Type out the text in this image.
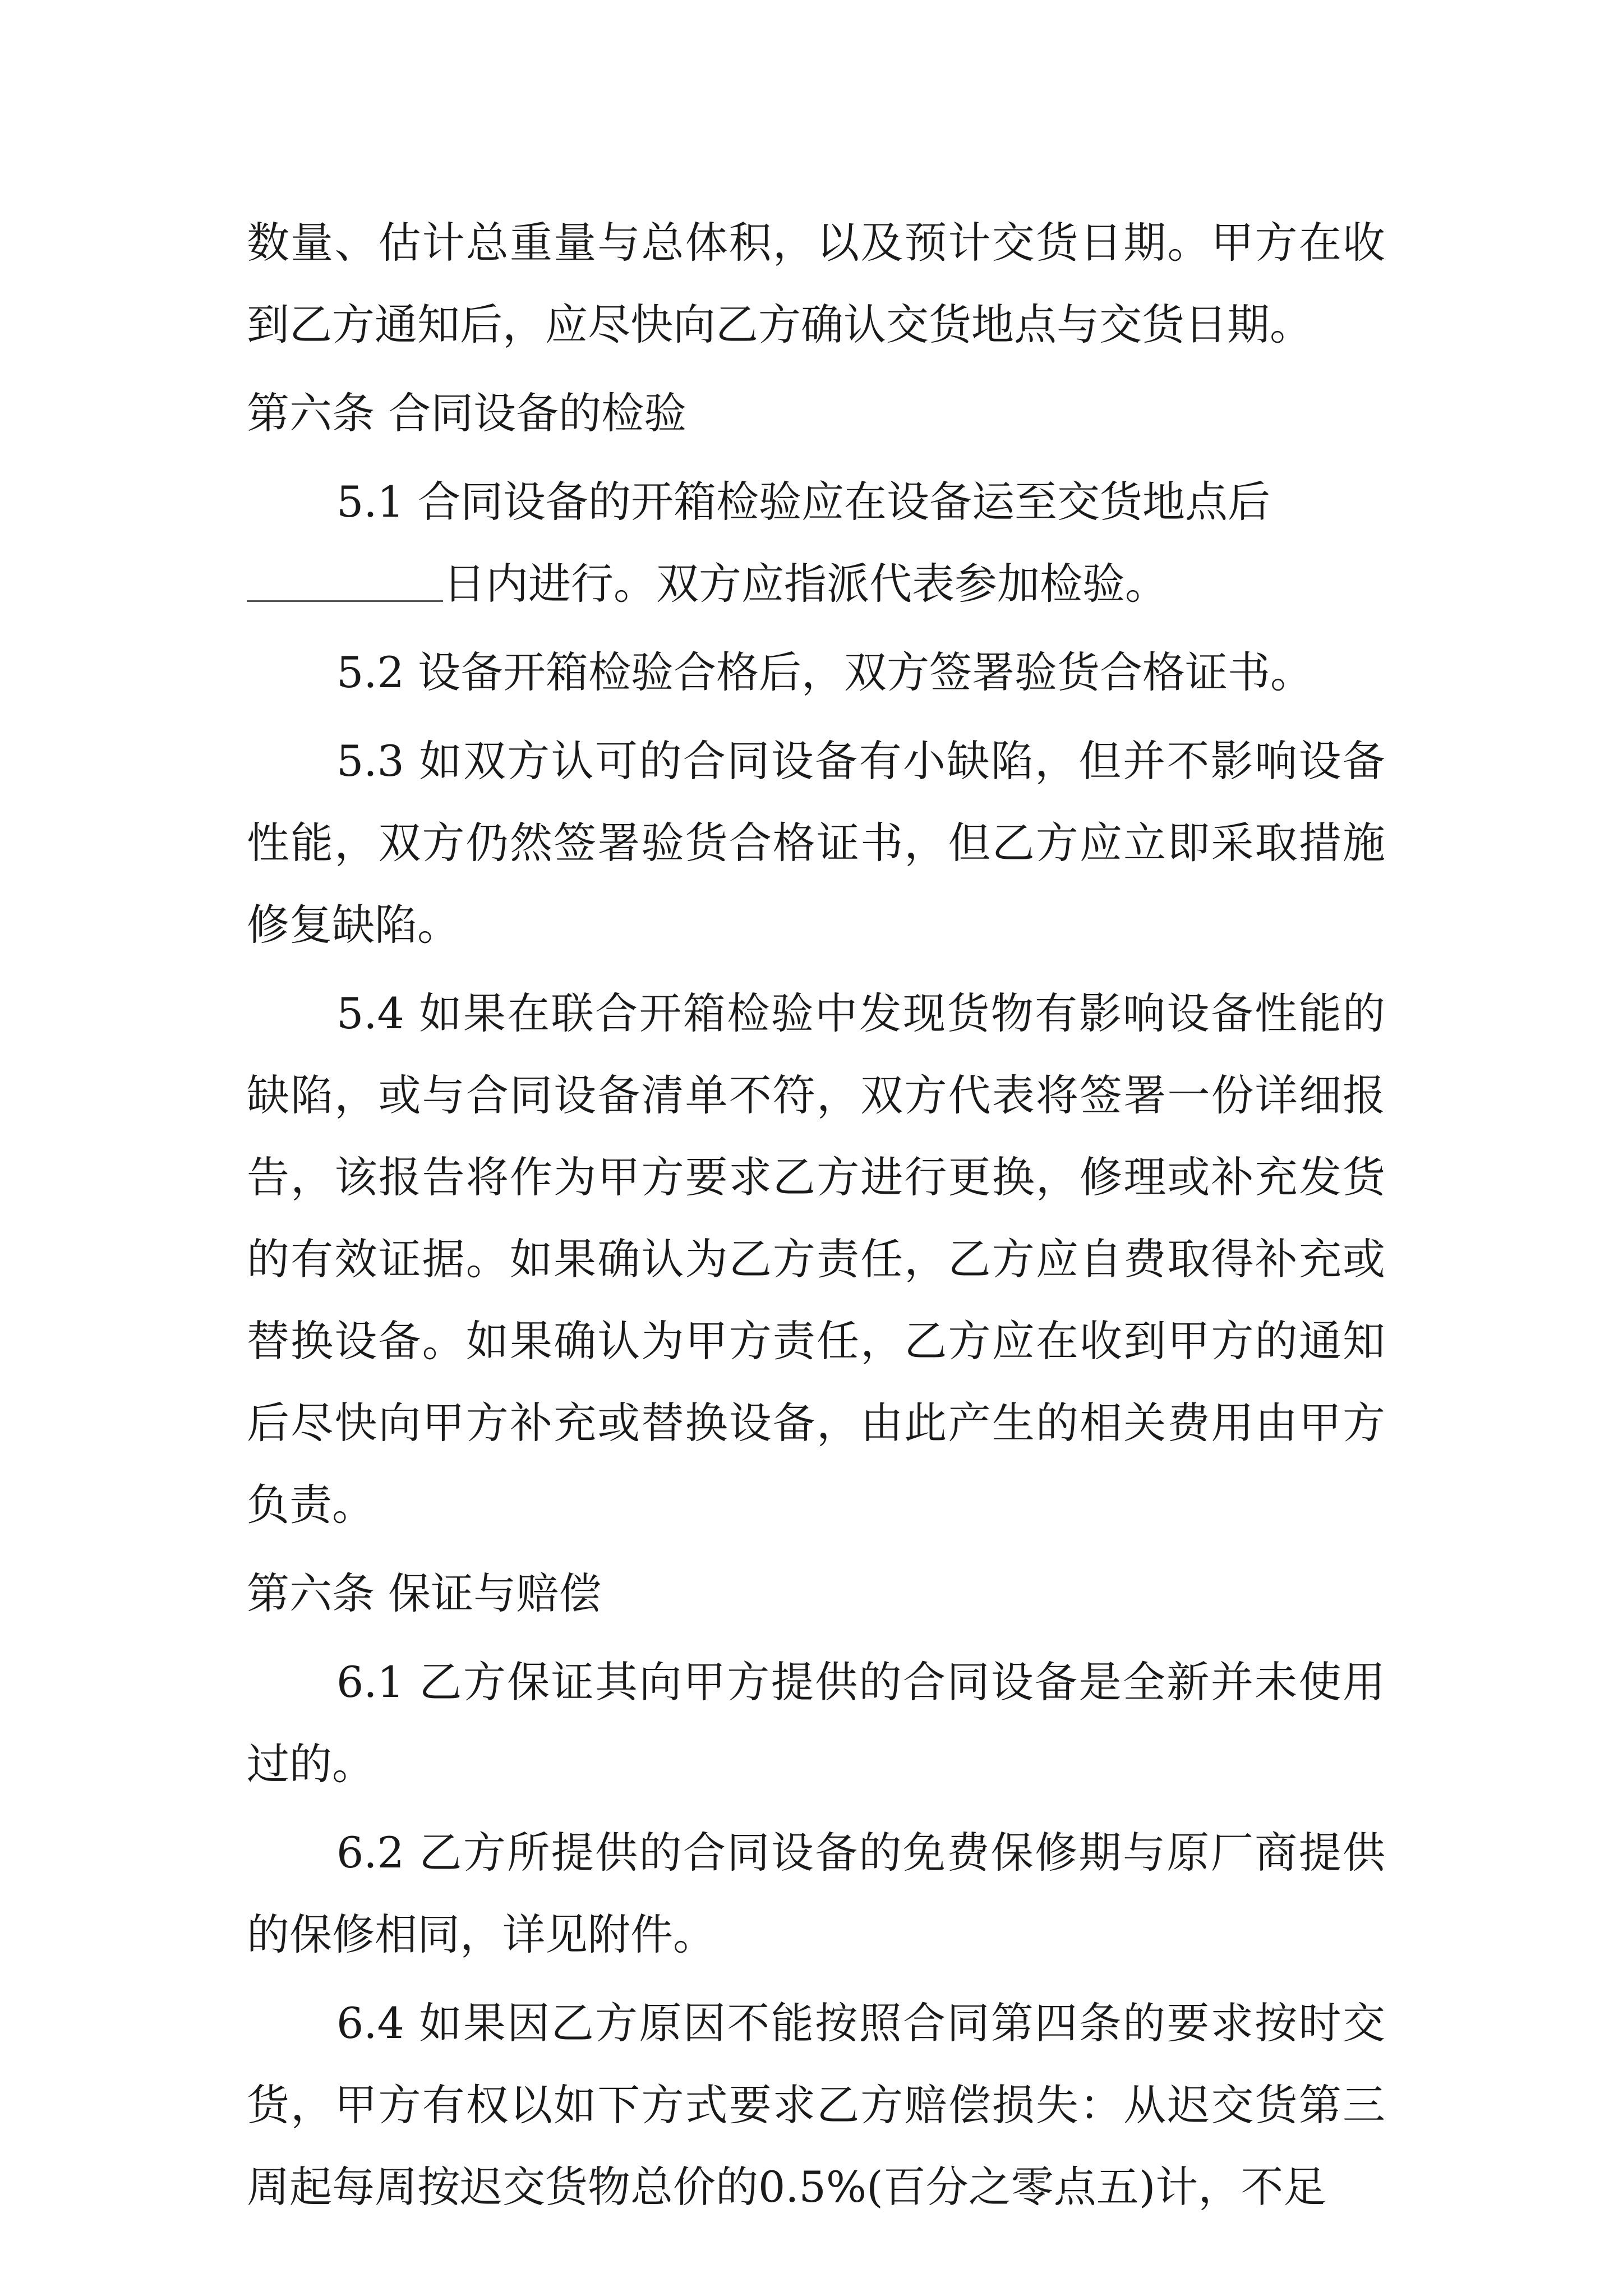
数量、估计总重量与总体积，以及预计交货日期。甲方在收到乙方通知后，应尽快向乙方确认交货地点与交货日期。

第六条 合同设备的检验

5.1 合同设备的开箱检验应在设备运至交货地点后

日内进行。双方应指派代表参加检验。

5.2 设备开箱检验合格后，双方签署验货合格证书。

5.3 如双方认可的合同设备有小缺陷，但并不影响设备性能，双方仍然签署验货合格证书，但乙方应立即采取措施修复缺陷。

5.4 如果在联合开箱检验中发现货物有影响设备性能的缺陷，或与合同设备清单不符，双方代表将签署一份详细报告，该报告将作为甲方要求乙方进行更换，修理或补充发货的有效证据。如果确认为乙方责任，乙方应自费取得补充或替换设备。如果确认为甲方责任，乙方应在收到甲方的通知后尽快向甲方补充或替换设备，由此产生的相关费用由甲方负责。

第六条 保证与赔偿

6.1 乙方保证其向甲方提供的合同设备是全新并未使用过的。

6.2 乙方所提供的合同设备的免费保修期与原厂商提供的保修相同，详见附件。

6.4 如果因乙方原因不能按照合同第四条的要求按时交货，甲方有权以如下方式要求乙方赔偿损失：从迟交货第三周起每周按迟交货物总价的0.5%(百分之零点五)计，不足
